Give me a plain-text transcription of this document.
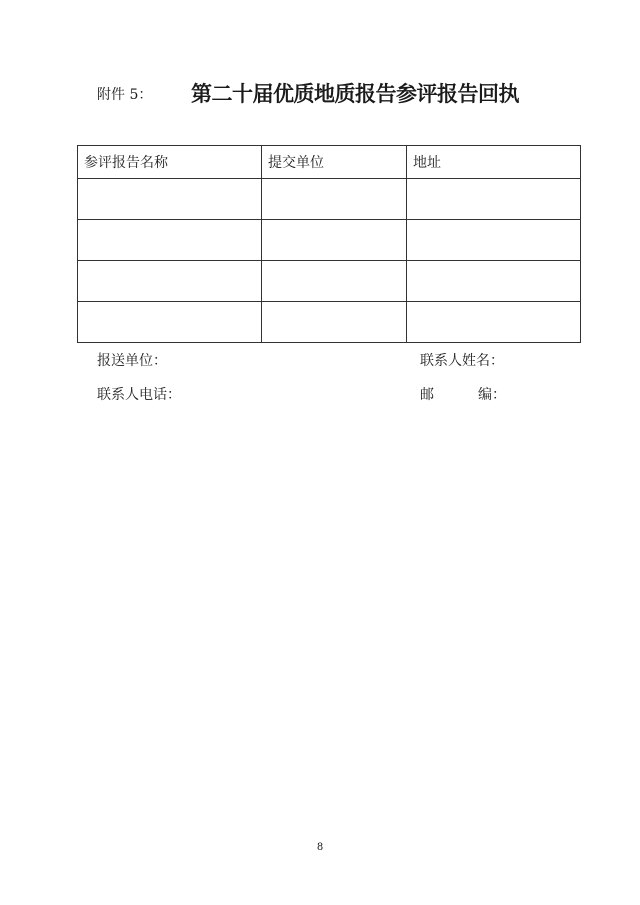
附件 5： 第二十届优质地质报告参评报告回执
参评报告名称	提交单位	地址

报送单位：	联系人姓名：
联系人电话：	邮	编：
8
